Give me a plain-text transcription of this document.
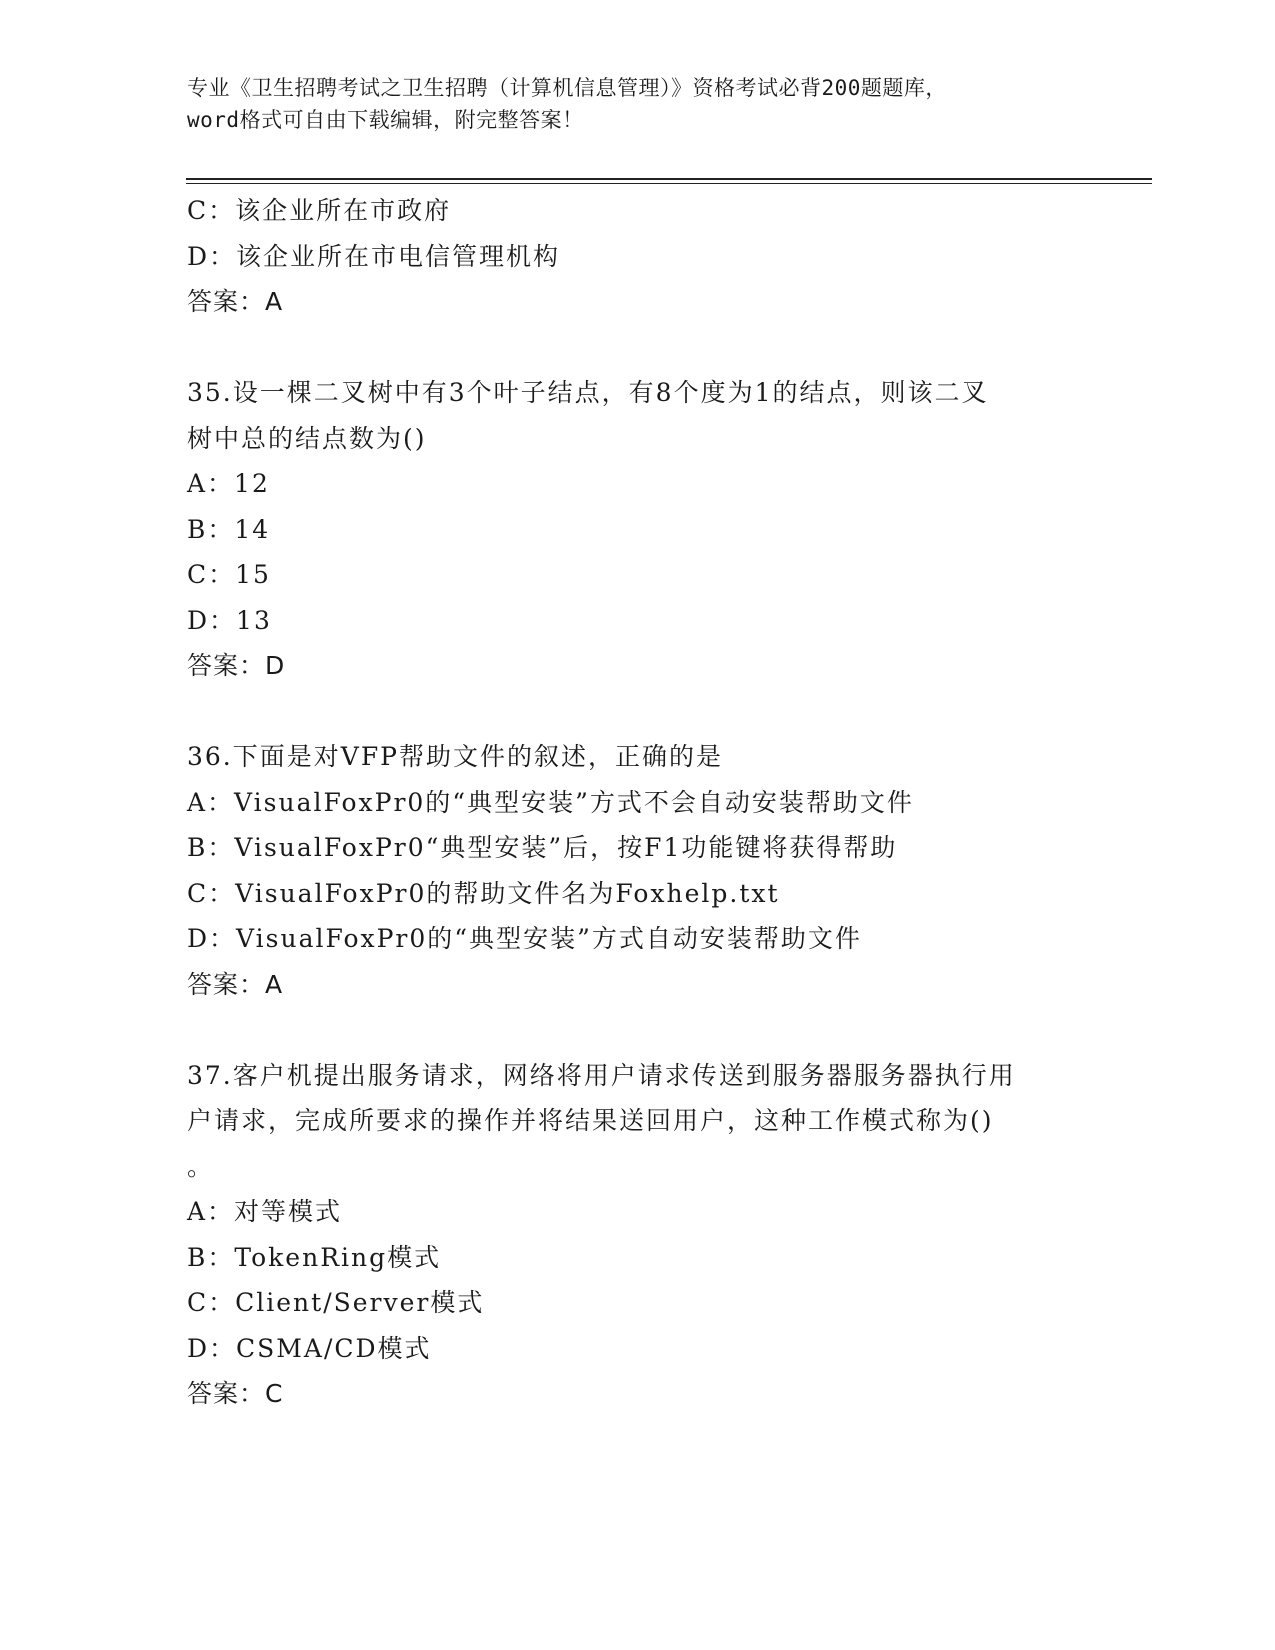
专业《卫生招聘考试之卫生招聘（计算机信息管理）》资格考试必背200题题库，
word格式可自由下载编辑，附完整答案！
C：该企业所在市政府
D：该企业所在市电信管理机构
答案：A
35.设一棵二叉树中有3个叶子结点，有8个度为1的结点，则该二叉
树中总的结点数为()
A：12
B：14
C：15
D：13
答案：D
36.下面是对VFP帮助文件的叙述，正确的是
A：VisualFoxPr0的“典型安装”方式不会自动安装帮助文件
B：VisualFoxPr0“典型安装”后，按F1功能键将获得帮助
C：VisualFoxPr0的帮助文件名为Foxhelp.txt
D：VisualFoxPr0的“典型安装”方式自动安装帮助文件
答案：A
37.客户机提出服务请求，网络将用户请求传送到服务器服务器执行用
户请求，完成所要求的操作并将结果送回用户，这种工作模式称为()
。
A：对等模式
B：TokenRing模式
C：Client/Server模式
D：CSMA/CD模式
答案：C
